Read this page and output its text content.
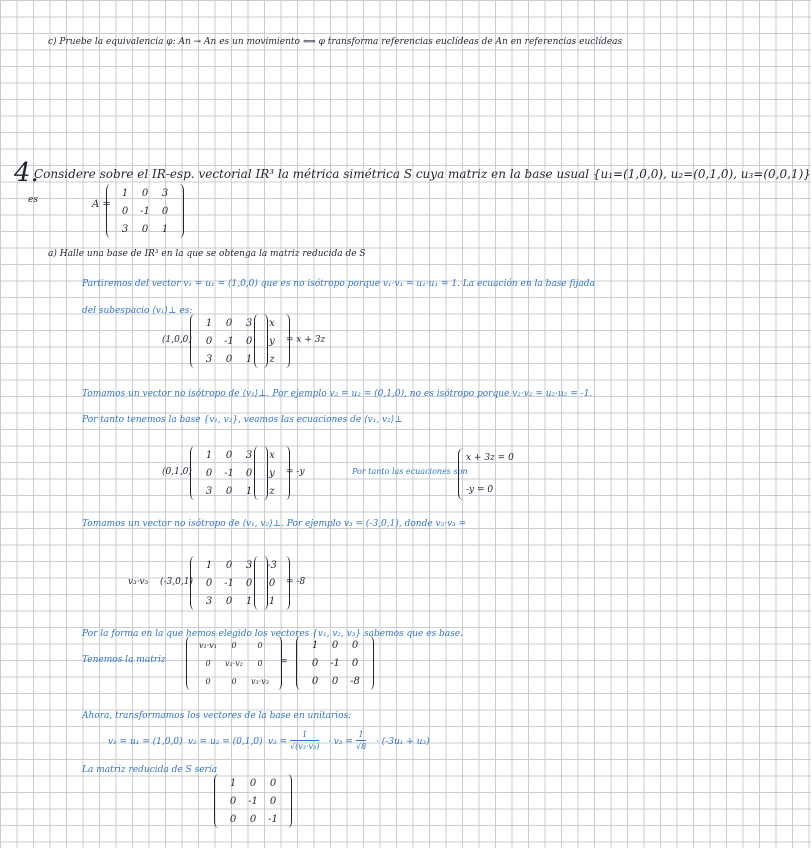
c) Pruebe la equivalencia φ: An → An es un movimiento ⟺ φ transforma referencias euclídeas de An en referencias euclídeas
4.
Considere sobre el IR-esp. vectorial IR³ la métrica simétrica S cuya matriz en la base usual {u₁=(1,0,0), u₂=(0,1,0), u₃=(0,0,1)}
es	A =
1 0 3
0 -1 0
3 0 1
a) Halle una base de IR³ en la que se obtenga la matriz reducida de S
Partiremos del vector v₁ = u₁ = (1,0,0) que es no isótropo porque v₁·v₁ = u₁·u₁ = 1. La ecuación en la base fijada
del subespacio ⟨v₁⟩⊥ es:
(1,0,0)
1 0 3
0 -1 0
3 0 1
x
y
z
= x + 3z
Tomamos un vector no isótropo de ⟨v₁⟩⊥. Por ejemplo v₂ = u₂ = (0,1,0), no es isótropo porque v₂·v₂ = u₂·u₂ = -1.
Por tanto tenemos la base {v₁, v₂}, veamos las ecuaciones de ⟨v₁, v₂⟩⊥
(0,1,0)
1 0 3
0 -1 0
3 0 1
x
y
z
= -y	Por tanto las ecuaciones son
x + 3z = 0
-y = 0
Tomamos un vector no isótropo de ⟨v₁, v₂⟩⊥. Por ejemplo v₃ = (-3,0,1), donde v₃·v₃ =
v₃·v₃ (-3,0,1)
1 0 3
0 -1 0
3 0 1
-3
0
1
= -8
Por la forma en la que hemos elegido los vectores {v₁, v₂, v₃} sabemos que es base.
Tenemos la matriz
v₁·v₁ 0	0
0 v₂·v₂ 0
0	0 v₃·v₃
=
1 0 0
0 -1 0
0 0 -8
Ahora, transformamos los vectores de la base en unitarios:
v₁ = u₁ = (1,0,0) v₂ = u₂ = (0,1,0) v₃ =
1
√(v₃·v₃) · v₃ =
1
√8 · (-3u₁ + u₃)
La matriz reducida de S sería
1 0 0
0 -1 0
0 0 -1
